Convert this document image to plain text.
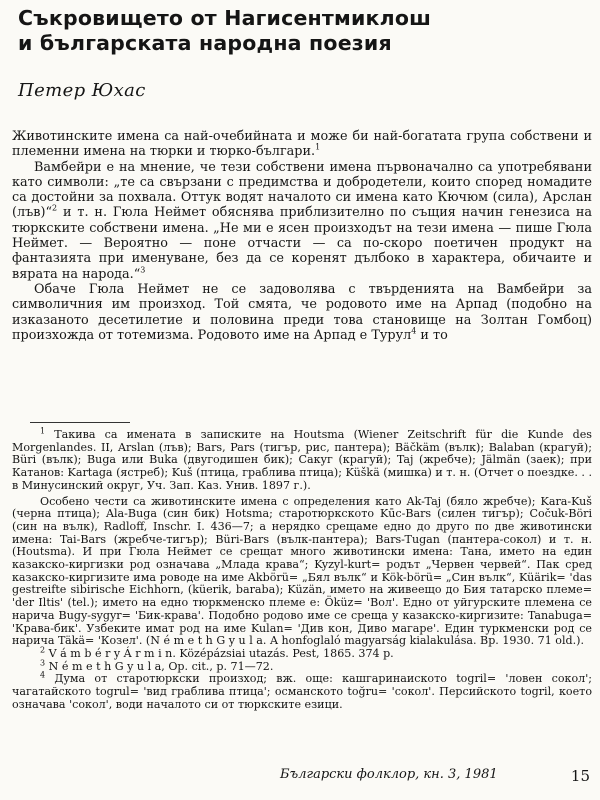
Съкровището от Нагисентмиклош
и българската народна поезия
Петер Юхас

Животинските имена са най-очебийната и може би най-богатата група собствени и племенни имена на тюрки и тюрко-българи.$^1$

Вамбейри е на мнение, че тези собствени имена първоначално са употребявани като символи: „те са свързани с предимства и добродетели, които според номадите са достойни за похвала. Оттук водят началото си имена като Кючюм (сила), Арслан (лъв)“$^2$ и т. н. Гюла Неймет обяснява приблизително по същия начин генезиса на тюркските собствени имена. „Не ми е ясен произходът на тези имена — пише Гюла Неймет. — Вероятно — поне отчасти — са по-скоро поетичен продукт на фантазията при именуване, без да се коренят дълбоко в характера, обичаите и вярата на народа.“$^3$

Обаче Гюла Неймет не се задоволява с твърденията на Вамбейри за символичния им произход. Той смята, че родовото име на Арпад (подобно на изказаното десетилетие и половина преди това становище на Золтан Гомбоц) произхожда от тотемизма. Родовото име на Арпад е Турул$^4$ и то

$^1$ Такива са имената в записките на Houtsma (Wiener Zeitschrift für die Kunde des Morgenlandes. II, Arslan (лъв); Bars, Pars (тигър, рис, пантера); Bäčkäm (вълк); Balaban (крагуй); Büri (вълк); Buga или Buka (двугодишен бик); Сакуг (крагуй); Taj (жребче); Jälmän (заек); при Катанов: Kartaga (ястреб); Kuš (птица, граблива птица); Küškä (мишка) и т. н. (Отчет о поездке. . . в Минусинский округ, Уч. Зап. Каз. Унив. 1897 г.).

Особено чести са животинските имена с определения като Ak-Taj (бяло жребче); Kara-Kuš (черна птица); Ala-Buga (син бик) Hotsma; старотюркското Kūc-Bars (силен тигър); Cočuk-Böri (син на вълк), Radloff, Inschr. I. 436—7; а нерядко срещаме едно до друго по две животински имена: Tai-Bars (жребче-тигър); Büri-Bars (вълк-пантера); Bars-Tugan (пантера-сокол) и т. н. (Houtsma). И при Гюла Неймет се срещат много животински имена: Тана, името на един казакско-киргизки род означава „Млада крава“; Kyzyl-kurt= родът „Червен червей“. Пак сред казакско-киргизите има роводе на име Akbörü= „Бял вълк“ и Kök-börü= „Син вълк“, Küärik= 'das gestreifte sibirische Eichhorn, (küerik, baraba); Küzän, името на живеещо до Бия татарско племе= 'der Iltis' (tel.); името на едно тюркменско племе е: Öküz= 'Вол'. Едно от уйгурските племена се наричa Bugy-sygyr= 'Бик-крава'. Подобно родово име се среща у казакско-киргизите: Tanabuga= 'Крава-бик'. Узбеките имат род на име Kulan= 'Див кон, Диво магаре'. Един туркменски род се нарича Täkä= 'Козел'. (N é m e t h G y u l a. A honfoglaló magyarság kialakulása. Bp. 1930. 71 old.).

$^2$ V á m b é r y Á r m i n. Középázsiai utazás. Pest, 1865. 374 p.

$^3$ N é m e t h G y u l a, Op. cit., p. 71—72.

$^4$ Дума от старотюркски произход; вж. още: кашгаринаиското togril= 'ловен сокол'; чагатайското togrul= 'вид граблива птица'; османското toğru= 'сокол'. Персийското togril, което означава 'сокол', води началото си от тюркските езици.

Български фолклор, кн. 3, 1981	15
